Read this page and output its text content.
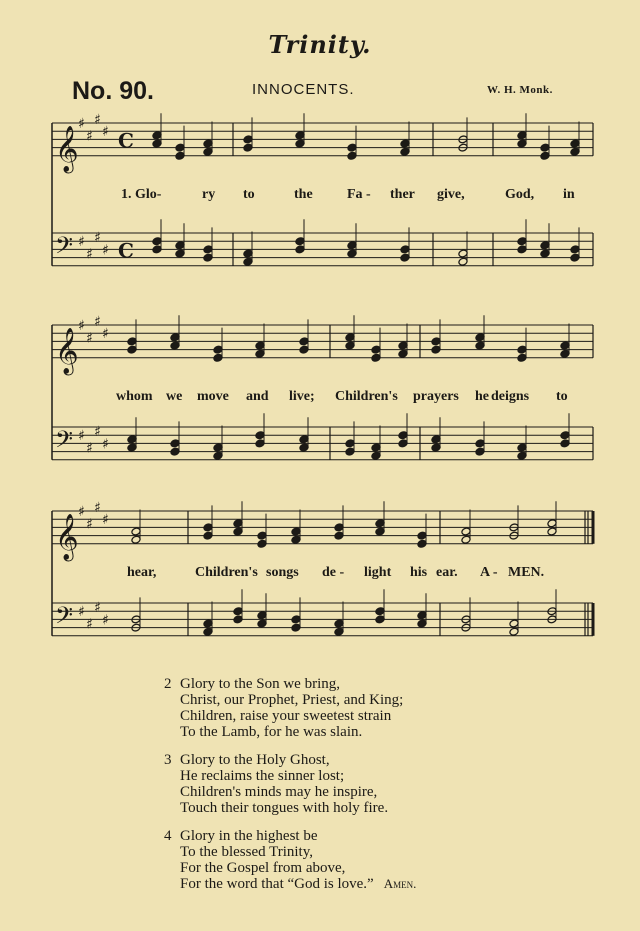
Trinity.
No. 90.	INNOCENTS.	W. H. Monk.
𝄞
♯
♯
♯
♯ C
𝄢 ♯
♯
♯
♯ C
𝄞
♯
♯
♯
♯
𝄢 ♯
♯
♯
♯
𝄞
♯
♯
♯
♯
𝄢 ♯
♯
♯
♯
1. Glo-	ry to	the Fa - ther give,	God, in
whom we move and live; Children's prayers he deigns to
hear,	Children's songs de - light his ear. A - MEN.
2 Glory to the Son we bring,
Christ, our Prophet, Priest, and King;
Children, raise your sweetest strain
To the Lamb, for he was slain.
3 Glory to the Holy Ghost,
He reclaims the sinner lost;
Children's minds may he inspire,
Touch their tongues with holy fire.
4 Glory in the highest be
To the blessed Trinity,
For the Gospel from above,
For the word that “God is love.” Amen.
